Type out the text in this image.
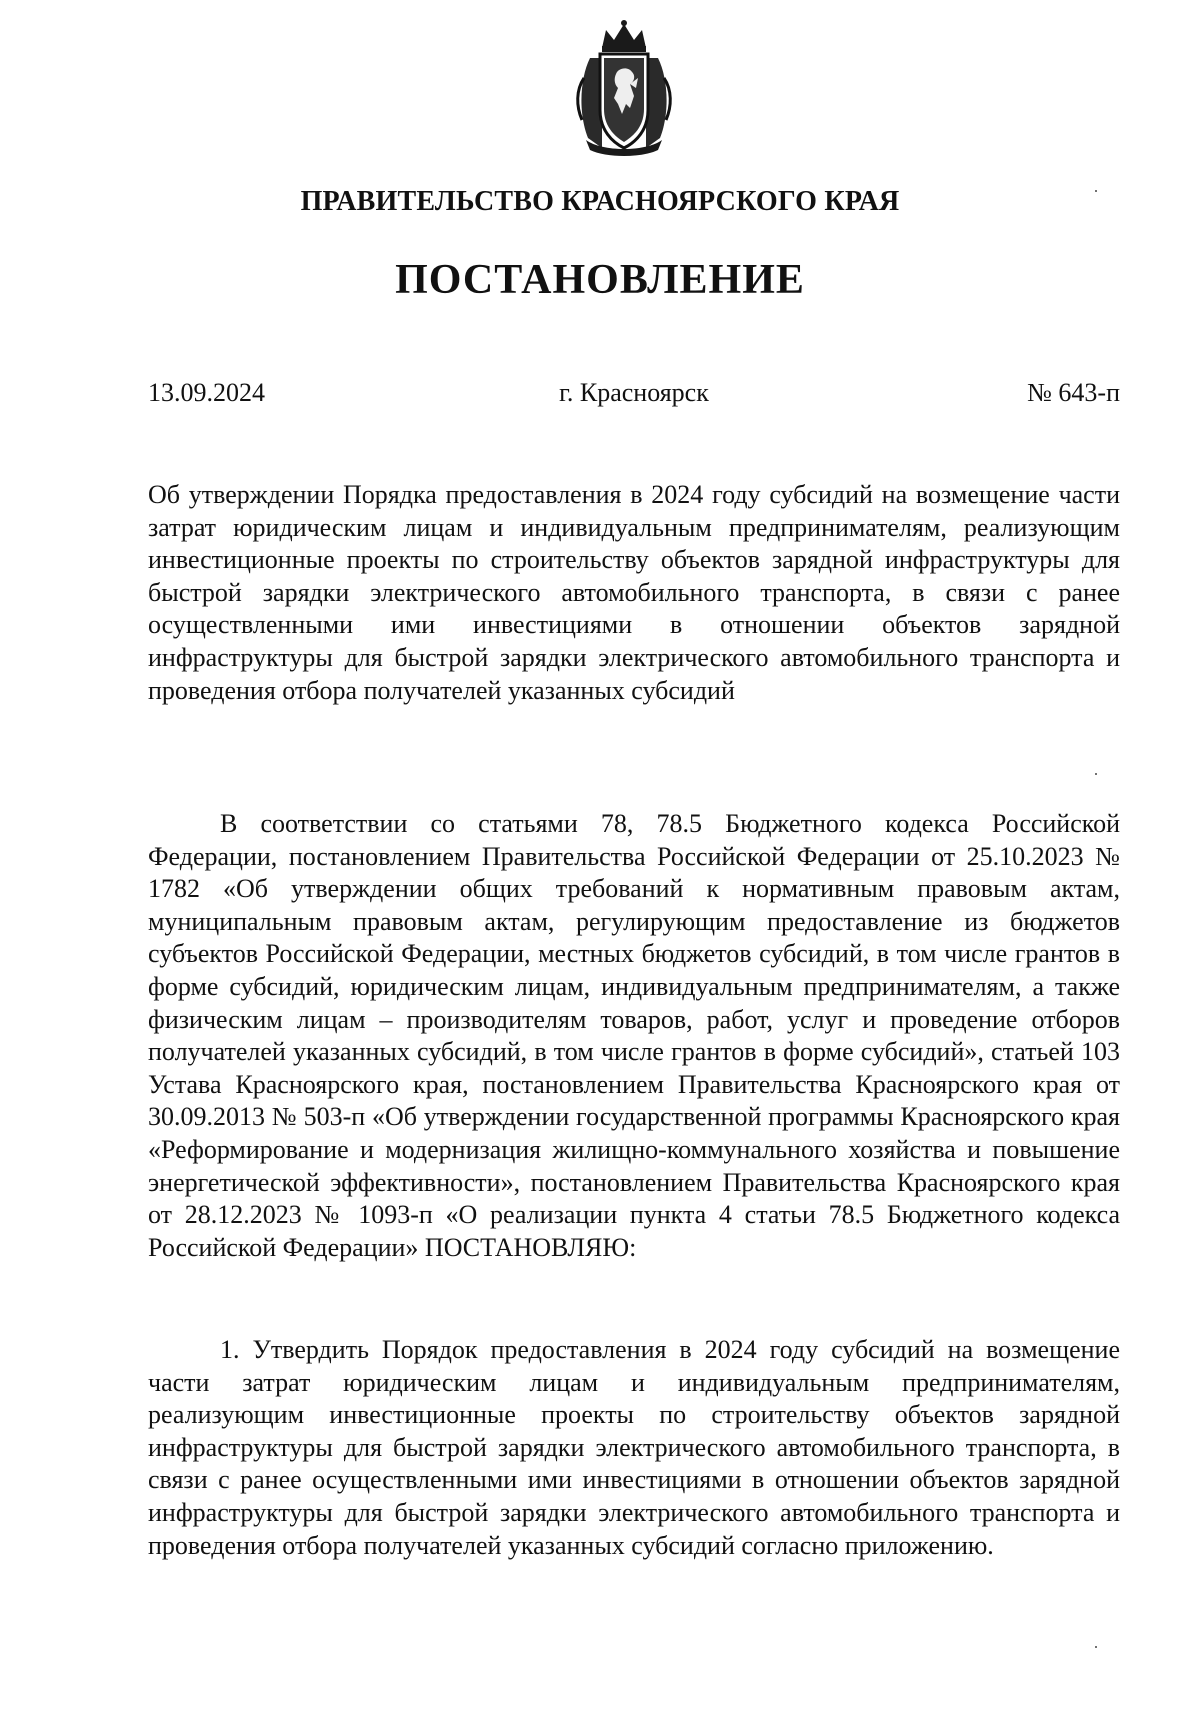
ПРАВИТЕЛЬСТВО КРАСНОЯРСКОГО КРАЯ
ПОСТАНОВЛЕНИЕ
13.09.2024	г. Красноярск	№ 643-п

Об утверждении Порядка предоставления в 2024 году субсидий на возмещение части затрат юридическим лицам и индивидуальным предпринимателям, реализующим инвестиционные проекты по строительству объектов зарядной инфраструктуры для быстрой зарядки электрического автомобильного транспорта, в связи с ранее осуществленными ими инвестициями в отношении объектов зарядной инфраструктуры для быстрой зарядки электрического автомобильного транспорта и проведения отбора получателей указанных субсидий

В соответствии со статьями 78, 78.5 Бюджетного кодекса Российской Федерации, постановлением Правительства Российской Федерации от 25.10.2023 № 1782 «Об утверждении общих требований к нормативным правовым актам, муниципальным правовым актам, регулирующим предоставление из бюджетов субъектов Российской Федерации, местных бюджетов субсидий, в том числе грантов в форме субсидий, юридическим лицам, индивидуальным предпринимателям, а также физическим лицам – производителям товаров, работ, услуг и проведение отборов получателей указанных субсидий, в том числе грантов в форме субсидий», статьей 103 Устава Красноярского края, постановлением Правительства Красноярского края от 30.09.2013 № 503-п «Об утверждении государственной программы Красноярского края «Реформирование и модернизация жилищно-коммунального хозяйства и повышение энергетической эффективности», постановлением Правительства Красноярского края от 28.12.2023 № 1093-п «О реализации пункта 4 статьи 78.5 Бюджетного кодекса Российской Федерации» ПОСТАНОВЛЯЮ:

1. Утвердить Порядок предоставления в 2024 году субсидий на возмещение части затрат юридическим лицам и индивидуальным предпринимателям, реализующим инвестиционные проекты по строительству объектов зарядной инфраструктуры для быстрой зарядки электрического автомобильного транспорта, в связи с ранее осуществленными ими инвестициями в отношении объектов зарядной инфраструктуры для быстрой зарядки электрического автомобильного транспорта и проведения отбора получателей указанных субсидий согласно приложению.
